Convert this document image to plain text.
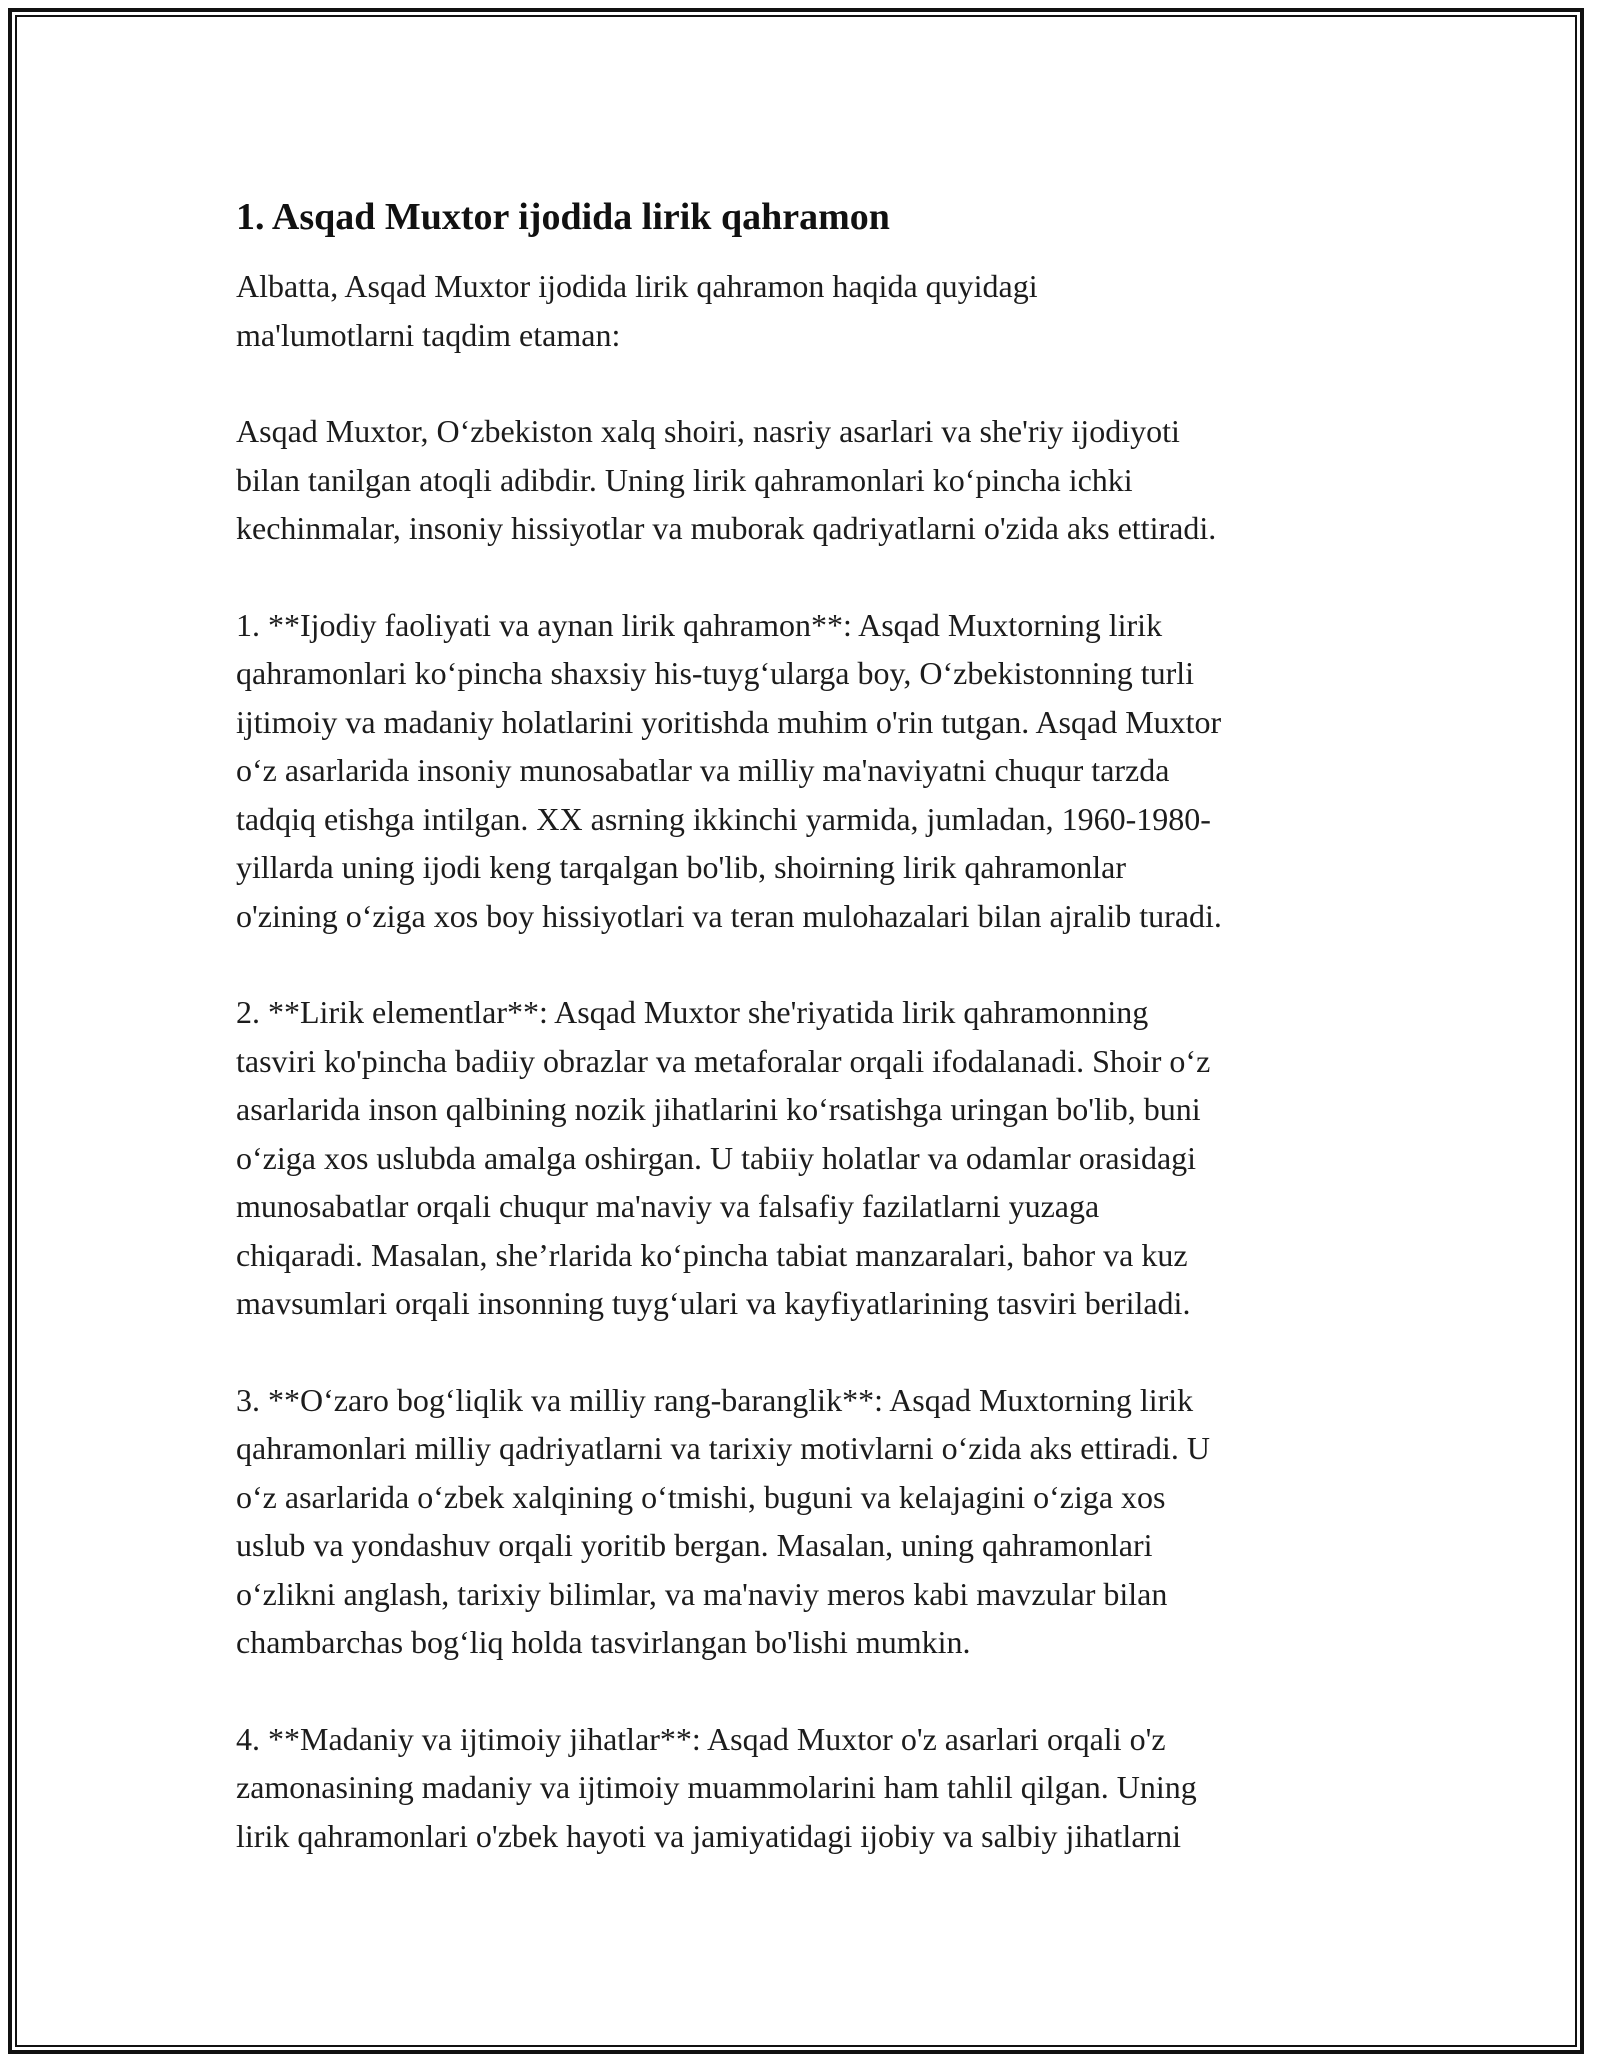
1. Asqad Muxtor ijodida lirik qahramon

Albatta, Asqad Muxtor ijodida lirik qahramon haqida quyidagi
ma'lumotlarni taqdim etaman:

Asqad Muxtor, O‘zbekiston xalq shoiri, nasriy asarlari va she'riy ijodiyoti
bilan tanilgan atoqli adibdir. Uning lirik qahramonlari ko‘pincha ichki
kechinmalar, insoniy hissiyotlar va muborak qadriyatlarni o'zida aks ettiradi.

1. **Ijodiy faoliyati va aynan lirik qahramon**: Asqad Muxtorning lirik
qahramonlari ko‘pincha shaxsiy his-tuyg‘ularga boy, O‘zbekistonning turli
ijtimoiy va madaniy holatlarini yoritishda muhim o'rin tutgan. Asqad Muxtor
o‘z asarlarida insoniy munosabatlar va milliy ma'naviyatni chuqur tarzda
tadqiq etishga intilgan. XX asrning ikkinchi yarmida, jumladan, 1960-1980-
yillarda uning ijodi keng tarqalgan bo'lib, shoirning lirik qahramonlar
o'zining o‘ziga xos boy hissiyotlari va teran mulohazalari bilan ajralib turadi.

2. **Lirik elementlar**: Asqad Muxtor she'riyatida lirik qahramonning
tasviri ko'pincha badiiy obrazlar va metaforalar orqali ifodalanadi. Shoir o‘z
asarlarida inson qalbining nozik jihatlarini ko‘rsatishga uringan bo'lib, buni
o‘ziga xos uslubda amalga oshirgan. U tabiiy holatlar va odamlar orasidagi
munosabatlar orqali chuqur ma'naviy va falsafiy fazilatlarni yuzaga
chiqaradi. Masalan, she’rlarida ko‘pincha tabiat manzaralari, bahor va kuz
mavsumlari orqali insonning tuyg‘ulari va kayfiyatlarining tasviri beriladi.

3. **O‘zaro bog‘liqlik va milliy rang-baranglik**: Asqad Muxtorning lirik
qahramonlari milliy qadriyatlarni va tarixiy motivlarni o‘zida aks ettiradi. U
o‘z asarlarida o‘zbek xalqining o‘tmishi, buguni va kelajagini o‘ziga xos
uslub va yondashuv orqali yoritib bergan. Masalan, uning qahramonlari
o‘zlikni anglash, tarixiy bilimlar, va ma'naviy meros kabi mavzular bilan
chambarchas bog‘liq holda tasvirlangan bo'lishi mumkin.

4. **Madaniy va ijtimoiy jihatlar**: Asqad Muxtor o'z asarlari orqali o'z
zamonasining madaniy va ijtimoiy muammolarini ham tahlil qilgan. Uning
lirik qahramonlari o'zbek hayoti va jamiyatidagi ijobiy va salbiy jihatlarni
